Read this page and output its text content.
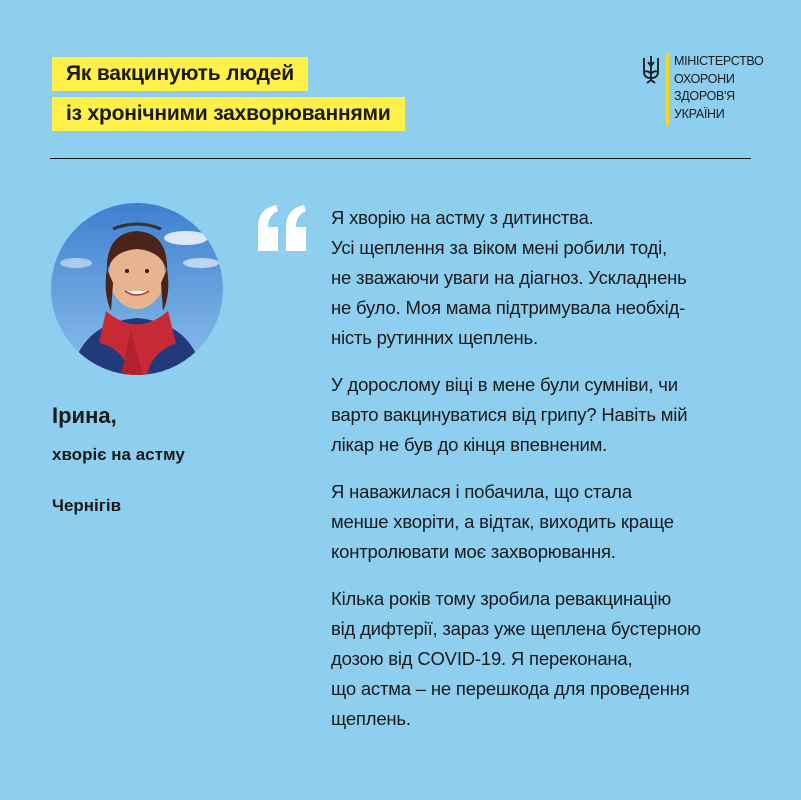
Як вакцинують людей
із хронічними захворюваннями
МІНІСТЕРСТВО
ОХОРОНИ
ЗДОРОВ'Я
УКРАЇНИ
Ірина,
хворіє на астму
Чернігів

Я хворію на астму з дитинства.
Усі щеплення за віком мені робили тоді,
не зважаючи уваги на діагноз. Ускладнень
не було. Моя мама підтримувала необхід-
ність рутинних щеплень.

У дорослому віці в мене були сумніви, чи
варто вакцинуватися від грипу? Навіть мій
лікар не був до кінця впевненим.

Я наважилася і побачила, що стала
менше хворіти, а відтак, виходить краще
контролювати моє захворювання.

Кілька років тому зробила ревакцинацію
від дифтерії, зараз уже щеплена бустерною
дозою від COVID-19. Я переконана,
що астма – не перешкода для проведення
щеплень.
